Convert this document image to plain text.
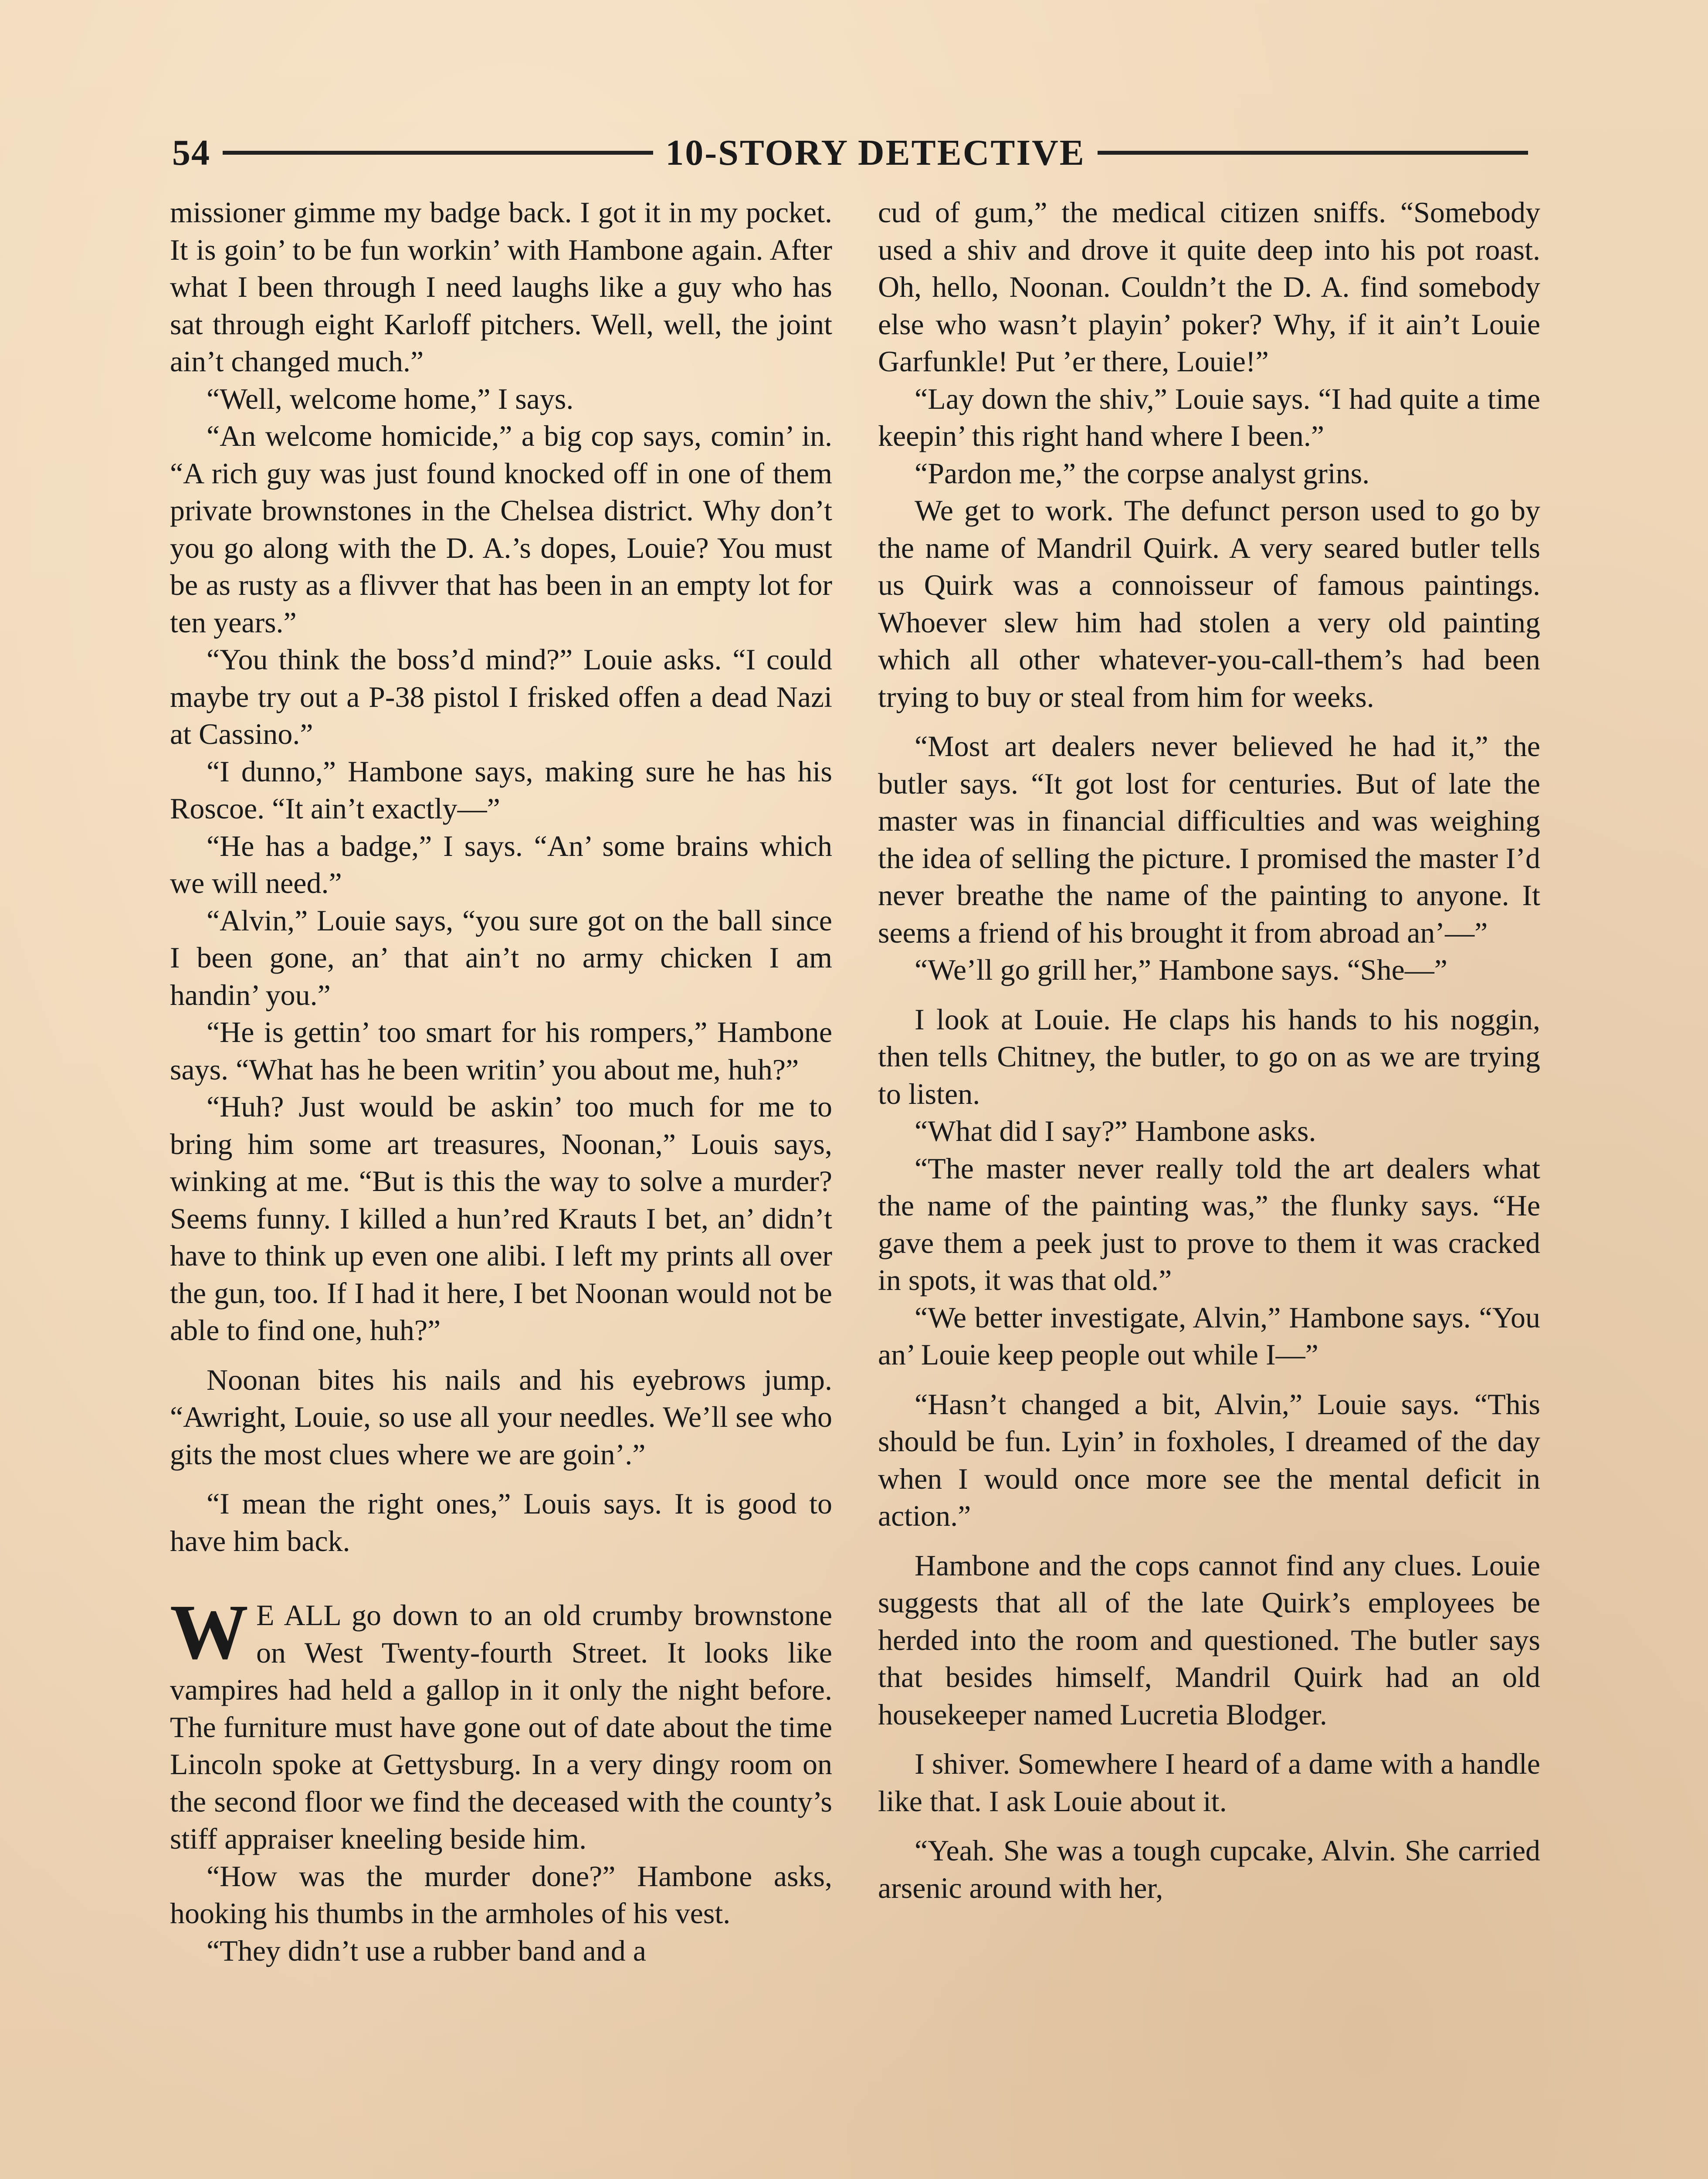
54	10-STORY DETECTIVE

missioner gimme my badge back. I got it in my pocket. It is goin’ to be fun workin’ with Hambone again. After what I been through I need laughs like a guy who has sat through eight Karloff pitchers. Well, well, the joint ain’t changed much.”

“Well, welcome home,” I says.

“An welcome homicide,” a big cop says, comin’ in. “A rich guy was just found knocked off in one of them private brownstones in the Chelsea district. Why don’t you go along with the D. A.’s dopes, Louie? You must be as rusty as a flivver that has been in an empty lot for ten years.”

“You think the boss’d mind?” Louie asks. “I could maybe try out a P-38 pistol I frisked offen a dead Nazi at Cassino.”

“I dunno,” Hambone says, making sure he has his Roscoe. “It ain’t exactly—”

“He has a badge,” I says. “An’ some brains which we will need.”

“Alvin,” Louie says, “you sure got on the ball since I been gone, an’ that ain’t no army chicken I am handin’ you.”

“He is gettin’ too smart for his rompers,” Hambone says. “What has he been writin’ you about me, huh?”

“Huh? Just would be askin’ too much for me to bring him some art treasures, Noonan,” Louis says, winking at me. “But is this the way to solve a murder? Seems funny. I killed a hun’red Krauts I bet, an’ didn’t have to think up even one alibi. I left my prints all over the gun, too. If I had it here, I bet Noonan would not be able to find one, huh?”

Noonan bites his nails and his eyebrows jump. “Awright, Louie, so use all your needles. We’ll see who gits the most clues where we are goin’.”

“I mean the right ones,” Louis says. It is good to have him back.

W E ALL go down to an old crumby brownstone on West Twenty-fourth Street. It looks like vampires had held a gallop in it only the night before. The furniture must have gone out of date about the time Lincoln spoke at Gettysburg. In a very dingy room on the second floor we find the deceased with the county’s stiff appraiser kneeling beside him.

“How was the murder done?” Hambone asks, hooking his thumbs in the armholes of his vest.

“They didn’t use a rubber band and a

cud of gum,” the medical citizen sniffs. “Somebody used a shiv and drove it quite deep into his pot roast. Oh, hello, Noonan. Couldn’t the D. A. find somebody else who wasn’t playin’ poker? Why, if it ain’t Louie Garfunkle! Put ’er there, Louie!”

“Lay down the shiv,” Louie says. “I had quite a time keepin’ this right hand where I been.”

“Pardon me,” the corpse analyst grins.

We get to work. The defunct person used to go by the name of Mandril Quirk. A very seared butler tells us Quirk was a connoisseur of famous paintings. Whoever slew him had stolen a very old painting which all other whatever-you-call-them’s had been trying to buy or steal from him for weeks.

“Most art dealers never believed he had it,” the butler says. “It got lost for centuries. But of late the master was in financial difficulties and was weighing the idea of selling the picture. I promised the master I’d never breathe the name of the painting to anyone. It seems a friend of his brought it from abroad an’—”

“We’ll go grill her,” Hambone says. “She—”

I look at Louie. He claps his hands to his noggin, then tells Chitney, the butler, to go on as we are trying to listen.

“What did I say?” Hambone asks.

“The master never really told the art dealers what the name of the painting was,” the flunky says. “He gave them a peek just to prove to them it was cracked in spots, it was that old.”

“We better investigate, Alvin,” Hambone says. “You an’ Louie keep people out while I—”

“Hasn’t changed a bit, Alvin,” Louie says. “This should be fun. Lyin’ in foxholes, I dreamed of the day when I would once more see the mental deficit in action.”

Hambone and the cops cannot find any clues. Louie suggests that all of the late Quirk’s employees be herded into the room and questioned. The butler says that besides himself, Mandril Quirk had an old housekeeper named Lucretia Blodger.

I shiver. Somewhere I heard of a dame with a handle like that. I ask Louie about it.

“Yeah. She was a tough cupcake, Alvin. She carried arsenic around with her,
